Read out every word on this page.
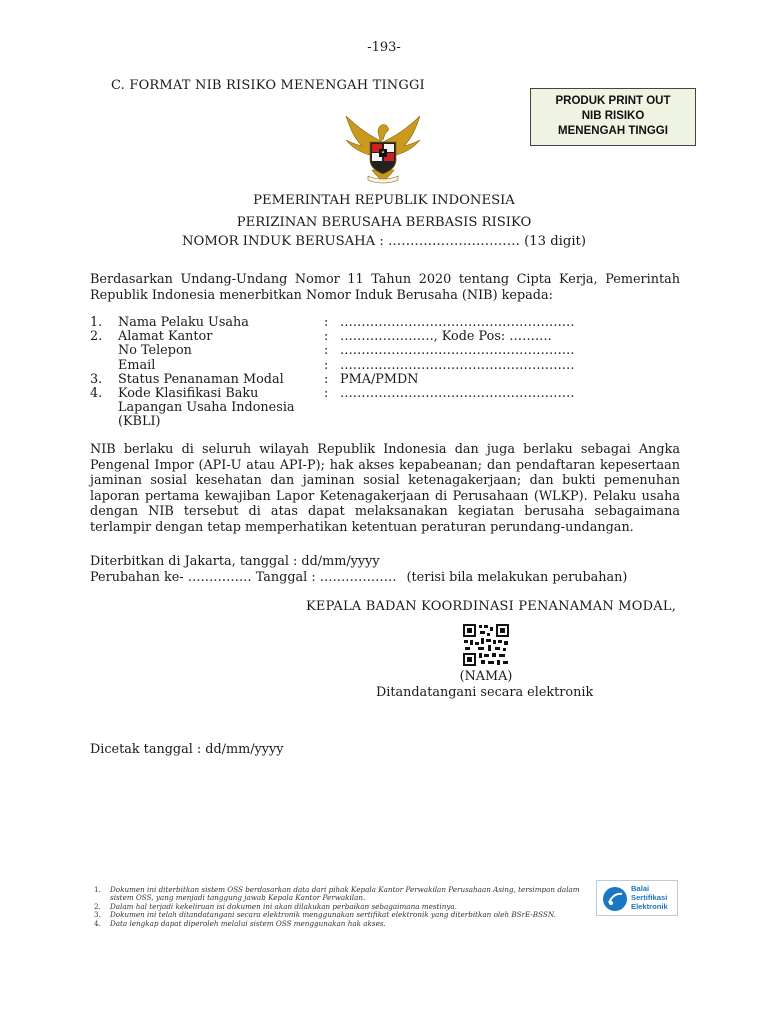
-193-
C. FORMAT NIB RISIKO MENENGAH TINGGI
PRODUK PRINT OUT
NIB RISIKO
MENENGAH TINGGI
PEMERINTAH REPUBLIK INDONESIA
PERIZINAN BERUSAHA BERBASIS RISIKO
NOMOR INDUK BERUSAHA : ………………………… (13 digit)
Berdasarkan Undang-Undang Nomor 11 Tahun 2020 tentang Cipta Kerja, Pemerintah Republik Indonesia menerbitkan Nomor Induk Berusaha (NIB) kepada:
1. Nama Pelaku Usaha	: ……………………………………………….
2. Alamat Kantor	: …………………., Kode Pos: ……….
No Telepon	: ……………………………………………….
Email	: ……………………………………………….
3. Status Penanaman Modal	: PMA/PMDN
4. Kode Klasifikasi Baku	: ……………………………………………….
Lapangan Usaha Indonesia
(KBLI)
NIB berlaku di seluruh wilayah Republik Indonesia dan juga berlaku sebagai Angka Pengenal Impor (API-U atau API-P); hak akses kepabeanan; dan pendaftaran kepesertaan jaminan sosial kesehatan dan jaminan sosial ketenagakerjaan; dan bukti pemenuhan laporan pertama kewajiban Lapor Ketenagakerjaan di Perusahaan (WLKP). Pelaku usaha dengan NIB tersebut di atas dapat melaksanakan kegiatan berusaha sebagaimana terlampir dengan tetap memperhatikan ketentuan peraturan perundang-undangan.
Diterbitkan di Jakarta, tanggal : dd/mm/yyyy
Perubahan ke- …………… Tanggal : ……………… (terisi bila melakukan perubahan)
KEPALA BADAN KOORDINASI PENANAMAN MODAL,
(NAMA)
Ditandatangani secara elektronik
Dicetak tanggal : dd/mm/yyyy
1. Dokumen ini diterbitkan sistem OSS berdasarkan data dari pihak Kepala Kantor Perwakilan Perusahaan Asing, tersimpan dalam sistem OSS, yang menjadi tanggung jawab Kepala Kantor Perwakilan.
2. Dalam hal terjadi kekeliruan isi dokumen ini akan dilakukan perbaikan sebagaimana mestinya.
3. Dokumen ini telah ditandatangani secara elektronik menggunakan sertifikat elektronik yang diterbitkan oleh BSrE-BSSN.
4. Data lengkap dapat diperoleh melalui sistem OSS menggunakan hak akses.
Balai
Sertifikasi
Elektronik
